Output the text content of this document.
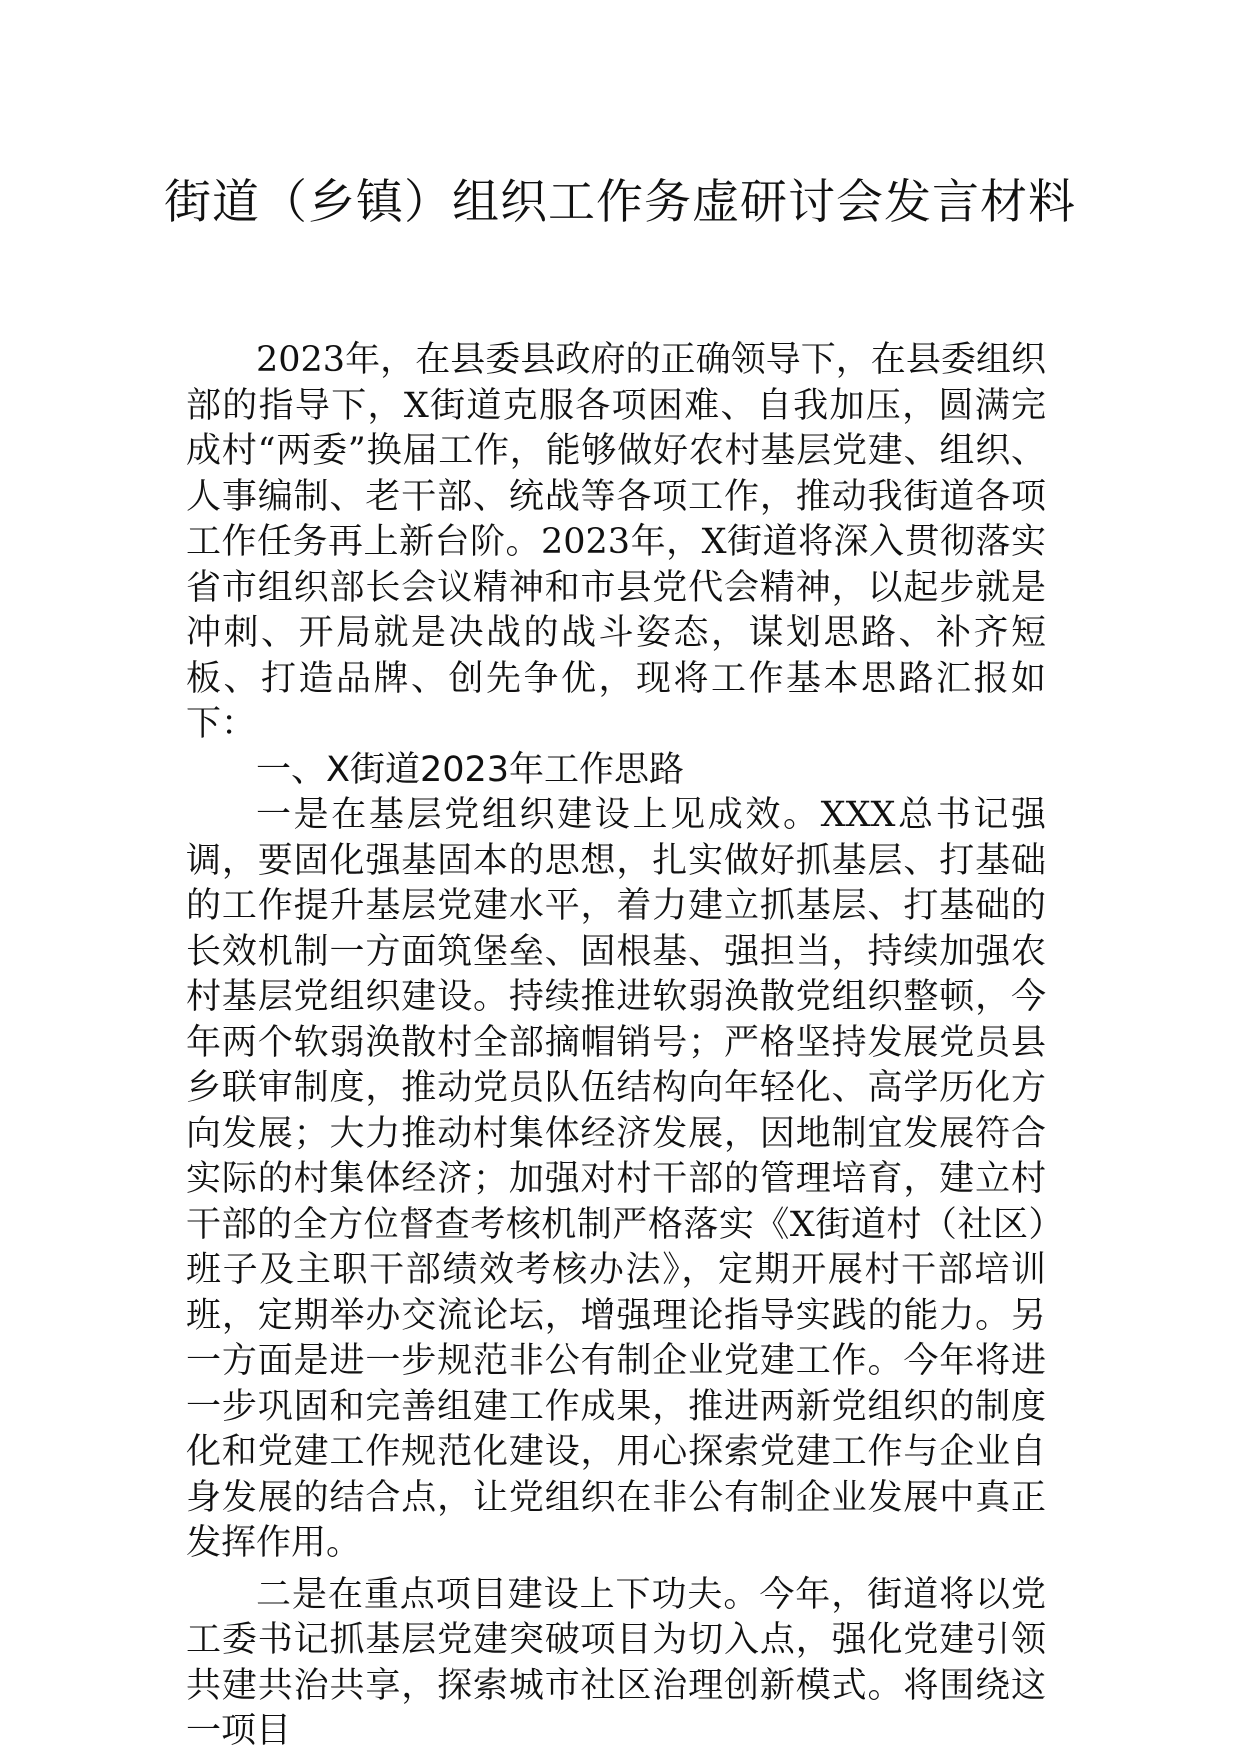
街道（乡镇）组织工作务虚研讨会发言材料

2023年，在县委县政府的正确领导下，在县委组织部的指导下，X街道克服各项困难、自我加压，圆满完成村“两委”换届工作，能够做好农村基层党建、组织、人事编制、老干部、统战等各项工作，推动我街道各项工作任务再上新台阶。2023年，X街道将深入贯彻落实省市组织部长会议精神和市县党代会精神，以起步就是冲刺、开局就是决战的战斗姿态，谋划思路、补齐短板、打造品牌、创先争优，现将工作基本思路汇报如下：

一、X街道2023年工作思路

一是在基层党组织建设上见成效。XXX总书记强调，要固化强基固本的思想，扎实做好抓基层、打基础的工作提升基层党建水平，着力建立抓基层、打基础的长效机制一方面筑堡垒、固根基、强担当，持续加强农村基层党组织建设。持续推进软弱涣散党组织整顿，今年两个软弱涣散村全部摘帽销号；严格坚持发展党员县乡联审制度，推动党员队伍结构向年轻化、高学历化方向发展；大力推动村集体经济发展，因地制宜发展符合实际的村集体经济；加强对村干部的管理培育，建立村干部的全方位督查考核机制严格落实《X街道村（社区）班子及主职干部绩效考核办法》，定期开展村干部培训班，定期举办交流论坛，增强理论指导实践的能力。另一方面是进一步规范非公有制企业党建工作。今年将进一步巩固和完善组建工作成果，推进两新党组织的制度化和党建工作规范化建设，用心探索党建工作与企业自身发展的结合点，让党组织在非公有制企业发展中真正发挥作用。

二是在重点项目建设上下功夫。今年，街道将以党工委书记抓基层党建突破项目为切入点，强化党建引领共建共治共享，探索城市社区治理创新模式。将围绕这一项目
